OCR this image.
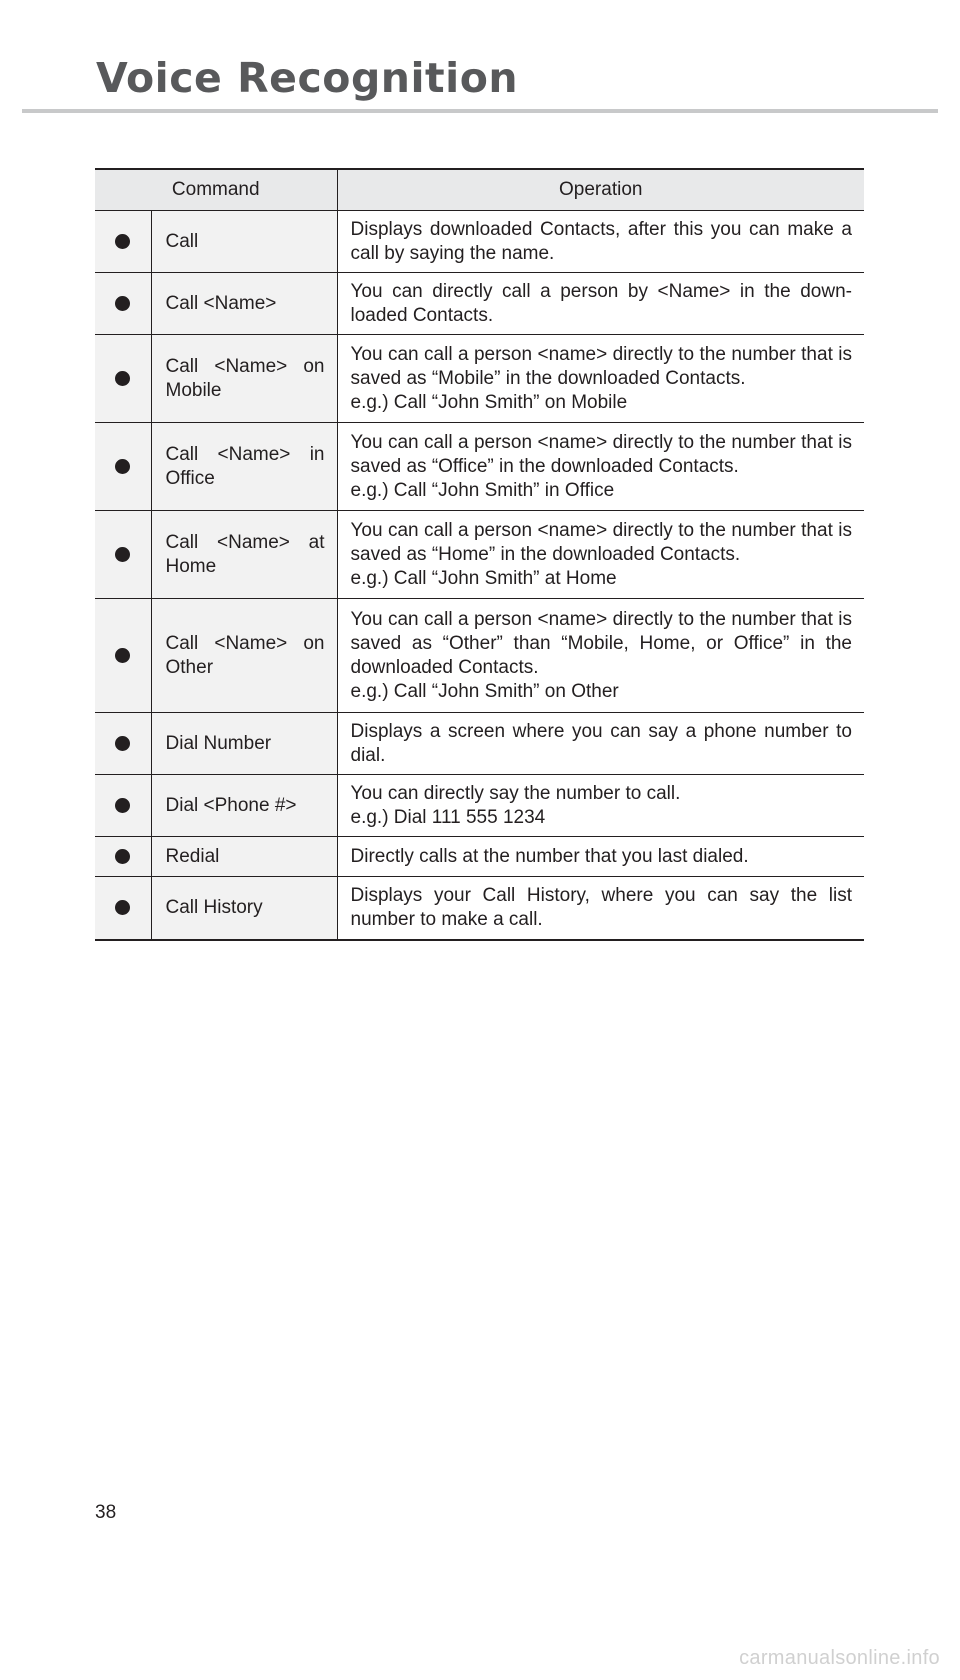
Voice Recognition
Command		Operation
	Call	Displays downloaded Contacts, after this you can make a call by saying the name.

	Call <Name>	You can directly call a person by <Name> in the down-loaded Contacts.

	Call <Name> on Mobile	You can call a person <name> directly to the number that is saved as “Mobile” in the downloaded Contacts.
e.g.) Call “John Smith” on Mobile

	Call <Name> in Office	You can call a person <name> directly to the number that is saved as “Office” in the downloaded Contacts.
e.g.) Call “John Smith” in Office

	Call <Name> at Home	You can call a person <name> directly to the number that is saved as “Home” in the downloaded Contacts.
e.g.) Call “John Smith” at Home

	Call <Name> on Other	You can call a person <name> directly to the number that is saved as “Other” than “Mobile, Home, or Office” in the downloaded Contacts.
e.g.) Call “John Smith” on Other

	Dial Number	Displays a screen where you can say a phone number to dial.

	Dial <Phone #>	You can directly say the number to call.
e.g.) Dial 111 555 1234

	Redial	Directly calls at the number that you last dialed.

	Call History	Displays your Call History, where you can say the list number to make a call.
38
carmanualsonline.info
